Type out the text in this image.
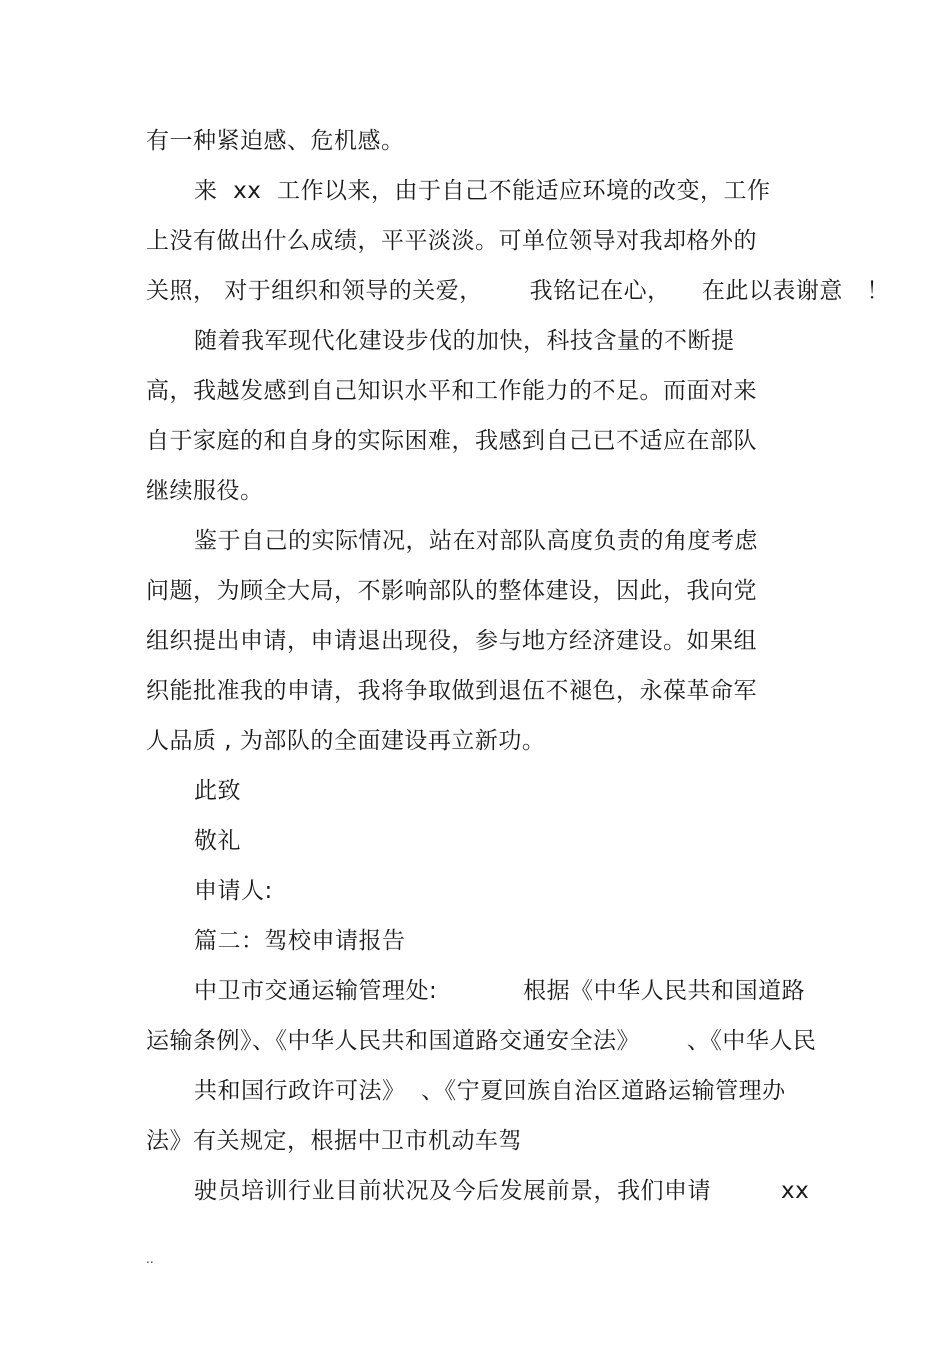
有一种紧迫感、危机感。
来  xx  工作以来，由于自己不能适应环境的改变，工作
上没有做出什么成绩，平平淡淡。可单位领导对我却格外的
关照， 对于组织和领导的关爱，      我铭记在心，    在此以表谢意   ！
随着我军现代化建设步伐的加快，科技含量的不断提
高，我越发感到自己知识水平和工作能力的不足。而面对来
自于家庭的和自身的实际困难，我感到自己已不适应在部队
继续服役。
鉴于自己的实际情况，站在对部队高度负责的角度考虑
问题，为顾全大局，不影响部队的整体建设，因此，我向党
组织提出申请，申请退出现役，参与地方经济建设。如果组
织能批准我的申请，我将争取做到退伍不褪色，永葆革命军
人品质 , 为部队的全面建设再立新功。
此致
敬礼
申请人:
篇二：驾校申请报告
中卫市交通运输管理处:           根据《中华人民共和国道路
运输条例》、《中华人民共和国道路交通安全法》      、《中华人民
共和国行政许可法》  、《宁夏回族自治区道路运输管理办
法》有关规定，根据中卫市机动车驾
驶员培训行业目前状况及今后发展前景，我们申请	xx
..
